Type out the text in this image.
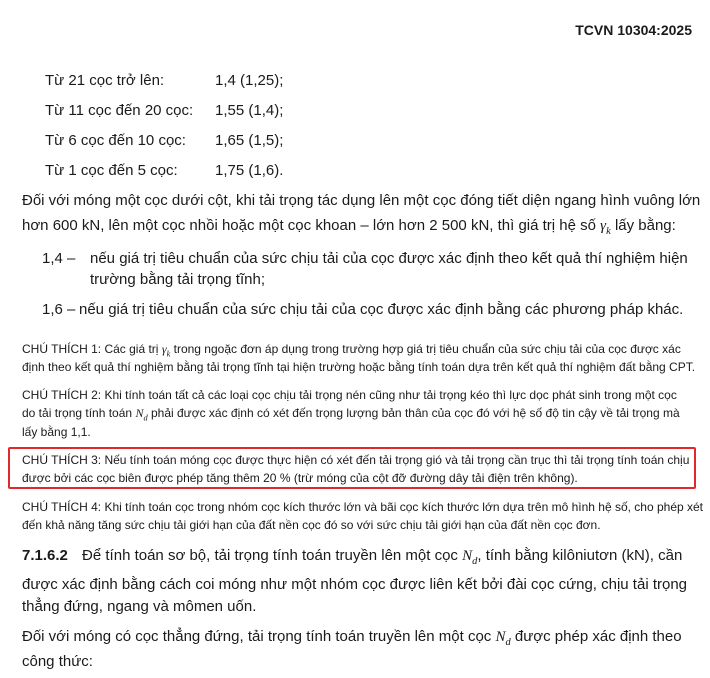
TCVN 10304:2025
Từ 21 cọc trở lên:	1,4 (1,25);
Từ 11 cọc đến 20 cọc: 1,55 (1,4);
Từ 6 cọc đến 10 cọc: 1,65 (1,5);
Từ 1 cọc đến 5 cọc: 1,75 (1,6).
Đối với móng một cọc dưới cột, khi tải trọng tác dụng lên một cọc đóng tiết diện ngang hình vuông lớn
hơn 600 kN, lên một cọc nhồi hoặc một cọc khoan – lớn hơn 2 500 kN, thì giá trị hệ số $\gamma_k$ lấy bằng:
1,4 – nếu giá trị tiêu chuẩn của sức chịu tải của cọc được xác định theo kết quả thí nghiệm hiện
trường bằng tải trọng tĩnh;
1,6 – nếu giá trị tiêu chuẩn của sức chịu tải của cọc được xác định bằng các phương pháp khác.
CHÚ THÍCH 1: Các giá trị $\gamma_k$ trong ngoặc đơn áp dụng trong trường hợp giá trị tiêu chuẩn của sức chịu tải của cọc được xác
định theo kết quả thí nghiệm bằng tải trọng tĩnh tại hiện trường hoặc bằng tính toán dựa trên kết quả thí nghiệm đất bằng CPT.
CHÚ THÍCH 2: Khi tính toán tất cả các loại cọc chịu tải trọng nén cũng như tải trọng kéo thì lực dọc phát sinh trong một cọc
do tải trọng tính toán $N_d$ phải được xác định có xét đến trọng lượng bản thân của cọc đó với hệ số độ tin cậy về tải trọng mà
lấy bằng 1,1.
CHÚ THÍCH 3: Nếu tính toán móng cọc được thực hiện có xét đến tải trọng gió và tải trọng cần trục thì tải trọng tính toán chịu
được bởi các cọc biên được phép tăng thêm 20 % (trừ móng của cột đỡ đường dây tải điện trên không).
CHÚ THÍCH 4: Khi tính toán cọc trong nhóm cọc kích thước lớn và bãi cọc kích thước lớn dựa trên mô hình hệ số, cho phép xét
đến khả năng tăng sức chịu tải giới hạn của đất nền cọc đó so với sức chịu tải giới hạn của đất nền cọc đơn.
7.1.6.2 Để tính toán sơ bộ, tải trọng tính toán truyền lên một cọc $N_d$, tính bằng kilôniutơn (kN), cần
được xác định bằng cách coi móng như một nhóm cọc được liên kết bởi đài cọc cứng, chịu tải trọng
thẳng đứng, ngang và mômen uốn.
Đối với móng có cọc thẳng đứng, tải trọng tính toán truyền lên một cọc $N_d$ được phép xác định theo
công thức:
